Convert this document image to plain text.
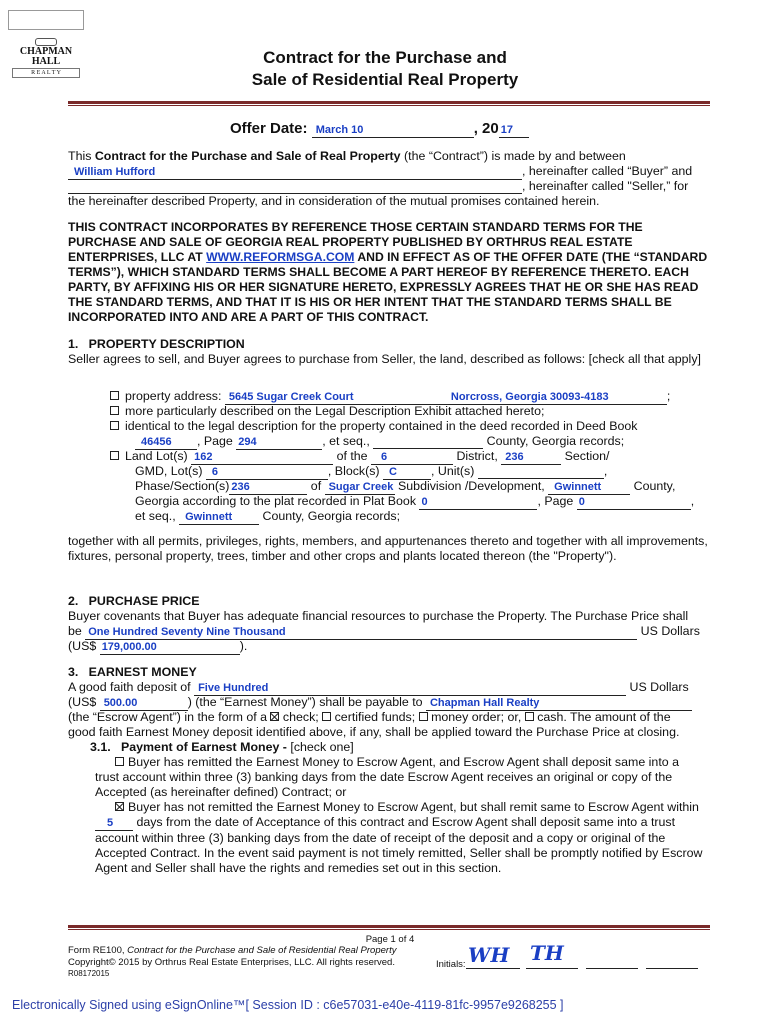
CHAPMAN
HALL
R E A L T Y
Contract for the Purchase and
Sale of Residential Real Property
Offer Date: March 10	, 20 17
This Contract for the Purchase and Sale of Real Property (the “Contract”) is made by and between
William Hufford	, hereinafter called “Buyer” and
, hereinafter called "Seller,” for
the hereinafter described Property, and in consideration of the mutual promises contained herein.
THIS CONTRACT INCORPORATES BY REFERENCE THOSE CERTAIN STANDARD TERMS FOR THE PURCHASE AND SALE OF GEORGIA REAL PROPERTY PUBLISHED BY ORTHRUS REAL ESTATE ENTERPRISES, LLC AT WWW.REFORMSGA.COM AND IN EFFECT AS OF THE OFFER DATE (THE “STANDARD TERMS”), WHICH STANDARD TERMS SHALL BECOME A PART HEREOF BY REFERENCE THERETO. EACH PARTY, BY AFFIXING HIS OR HER SIGNATURE HERETO, EXPRESSLY AGREES THAT HE OR SHE HAS READ THE STANDARD TERMS, AND THAT IT IS HIS OR HER INTENT THAT THE STANDARD TERMS SHALL BE INCORPORATED INTO AND ARE A PART OF THIS CONTRACT.
1.   PROPERTY DESCRIPTION
Seller agrees to sell, and Buyer agrees to purchase from Seller, the land, described as follows: [check all that apply]
property address: 5645 Sugar Creek Court	Norcross, Georgia 30093-4183	;
more particularly described on the Legal Description Exhibit attached hereto;
identical to the legal description for the property contained in the deed recorded in Deed Book
46456 , Page 294	, et seq.,	County, Georgia records;
Land Lot(s) 162	of the 6	District, 236	Section/
GMD, Lot(s) 6	, Block(s) C	, Unit(s)	,
Phase/Section(s) 236	of Sugar Creek Subdivision /Development, Gwinnett County,
Georgia according to the plat recorded in Plat Book 0	, Page 0	,
et seq., Gwinnett County, Georgia records;
together with all permits, privileges, rights, members, and appurtenances thereto and together with all improvements, fixtures, personal property, trees, timber and other crops and plants located thereon (the "Property").
2.   PURCHASE PRICE
Buyer covenants that Buyer has adequate financial resources to purchase the Property. The Purchase Price shall
be One Hundred Seventy Nine Thousand	US Dollars
(US$ 179,000.00	).
3.   EARNEST MONEY
A good faith deposit of Five Hundred	US Dollars
(US$ 500.00	) (the “Earnest Money”) shall be payable to Chapman Hall Realty
(the “Escrow Agent”) in the form of a  check;  certified funds;  money order; or,  cash. The amount of the
good faith Earnest Money deposit identified above, if any, shall be applied toward the Purchase Price at closing.
3.1.   Payment of Earnest Money - [check one]
Buyer has remitted the Earnest Money to Escrow Agent, and Escrow Agent shall deposit same into a trust account within three (3) banking days from the date Escrow Agent receives an original or copy of the Accepted (as hereinafter defined) Contract; or
Buyer has not remitted the Earnest Money to Escrow Agent, but shall remit same to Escrow Agent within 5 days from the date of Acceptance of this contract and Escrow Agent shall deposit same into a trust account within three (3) banking days from the date of receipt of the deposit and a copy or original of the Accepted Contract. In the event said payment is not timely remitted, Seller shall be promptly notified by Escrow Agent and Seller shall have the rights and remedies set out in this section.
Page 1 of 4
Form RE100, Contract for the Purchase and Sale of Residential Real Property
Copyright© 2015 by Orthrus Real Estate Enterprises, LLC. All rights reserved.
R08172015
Initials: WH TH
Electronically Signed using eSignOnline™[ Session ID : c6e57031-e40e-4119-81fc-9957e9268255 ]
